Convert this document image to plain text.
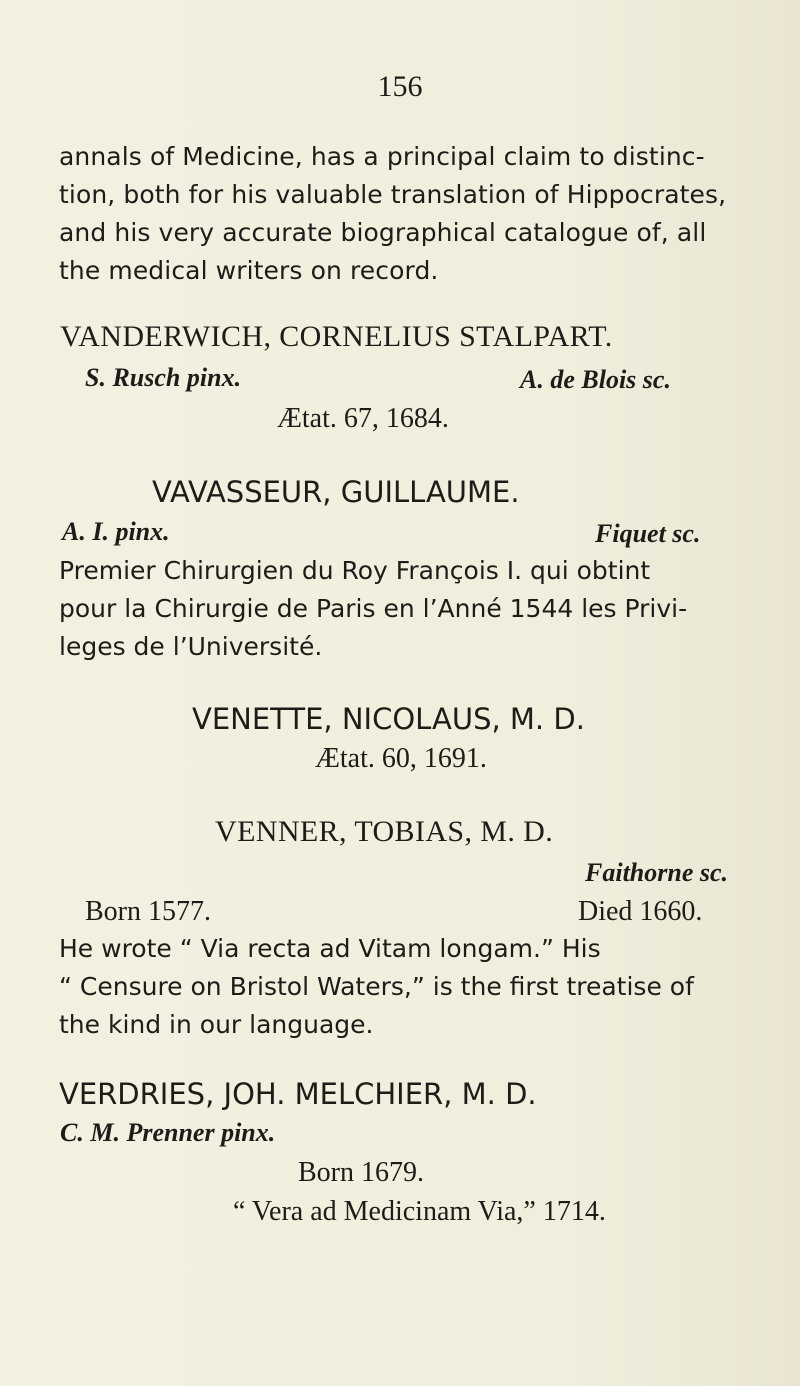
156
annals of Medicine, has a principal claim to distinc-
tion, both for his valuable translation of Hippocrates,
and his very accurate biographical catalogue of, all
the medical writers on record.
VANDERWICH, CORNELIUS STALPART.
S. Rusch pinx.	A. de Blois sc.
Ætat. 67, 1684.
VAVASSEUR, GUILLAUME.
A. I. pinx.	Fiquet sc.
Premier Chirurgien du Roy François I. qui obtint
pour la Chirurgie de Paris en l’Anné 1544 les Privi-
leges de l’Université.
VENETTE, NICOLAUS, M. D.
Ætat. 60, 1691.
VENNER, TOBIAS, M. D.
Faithorne sc.
Born 1577.	Died 1660.
He wrote “ Via recta ad Vitam longam.” His
“ Censure on Bristol Waters,” is the first treatise of
the kind in our language.
VERDRIES, JOH. MELCHIER, M. D.
C. M. Prenner pinx.
Born 1679.
“ Vera ad Medicinam Via,” 1714.
